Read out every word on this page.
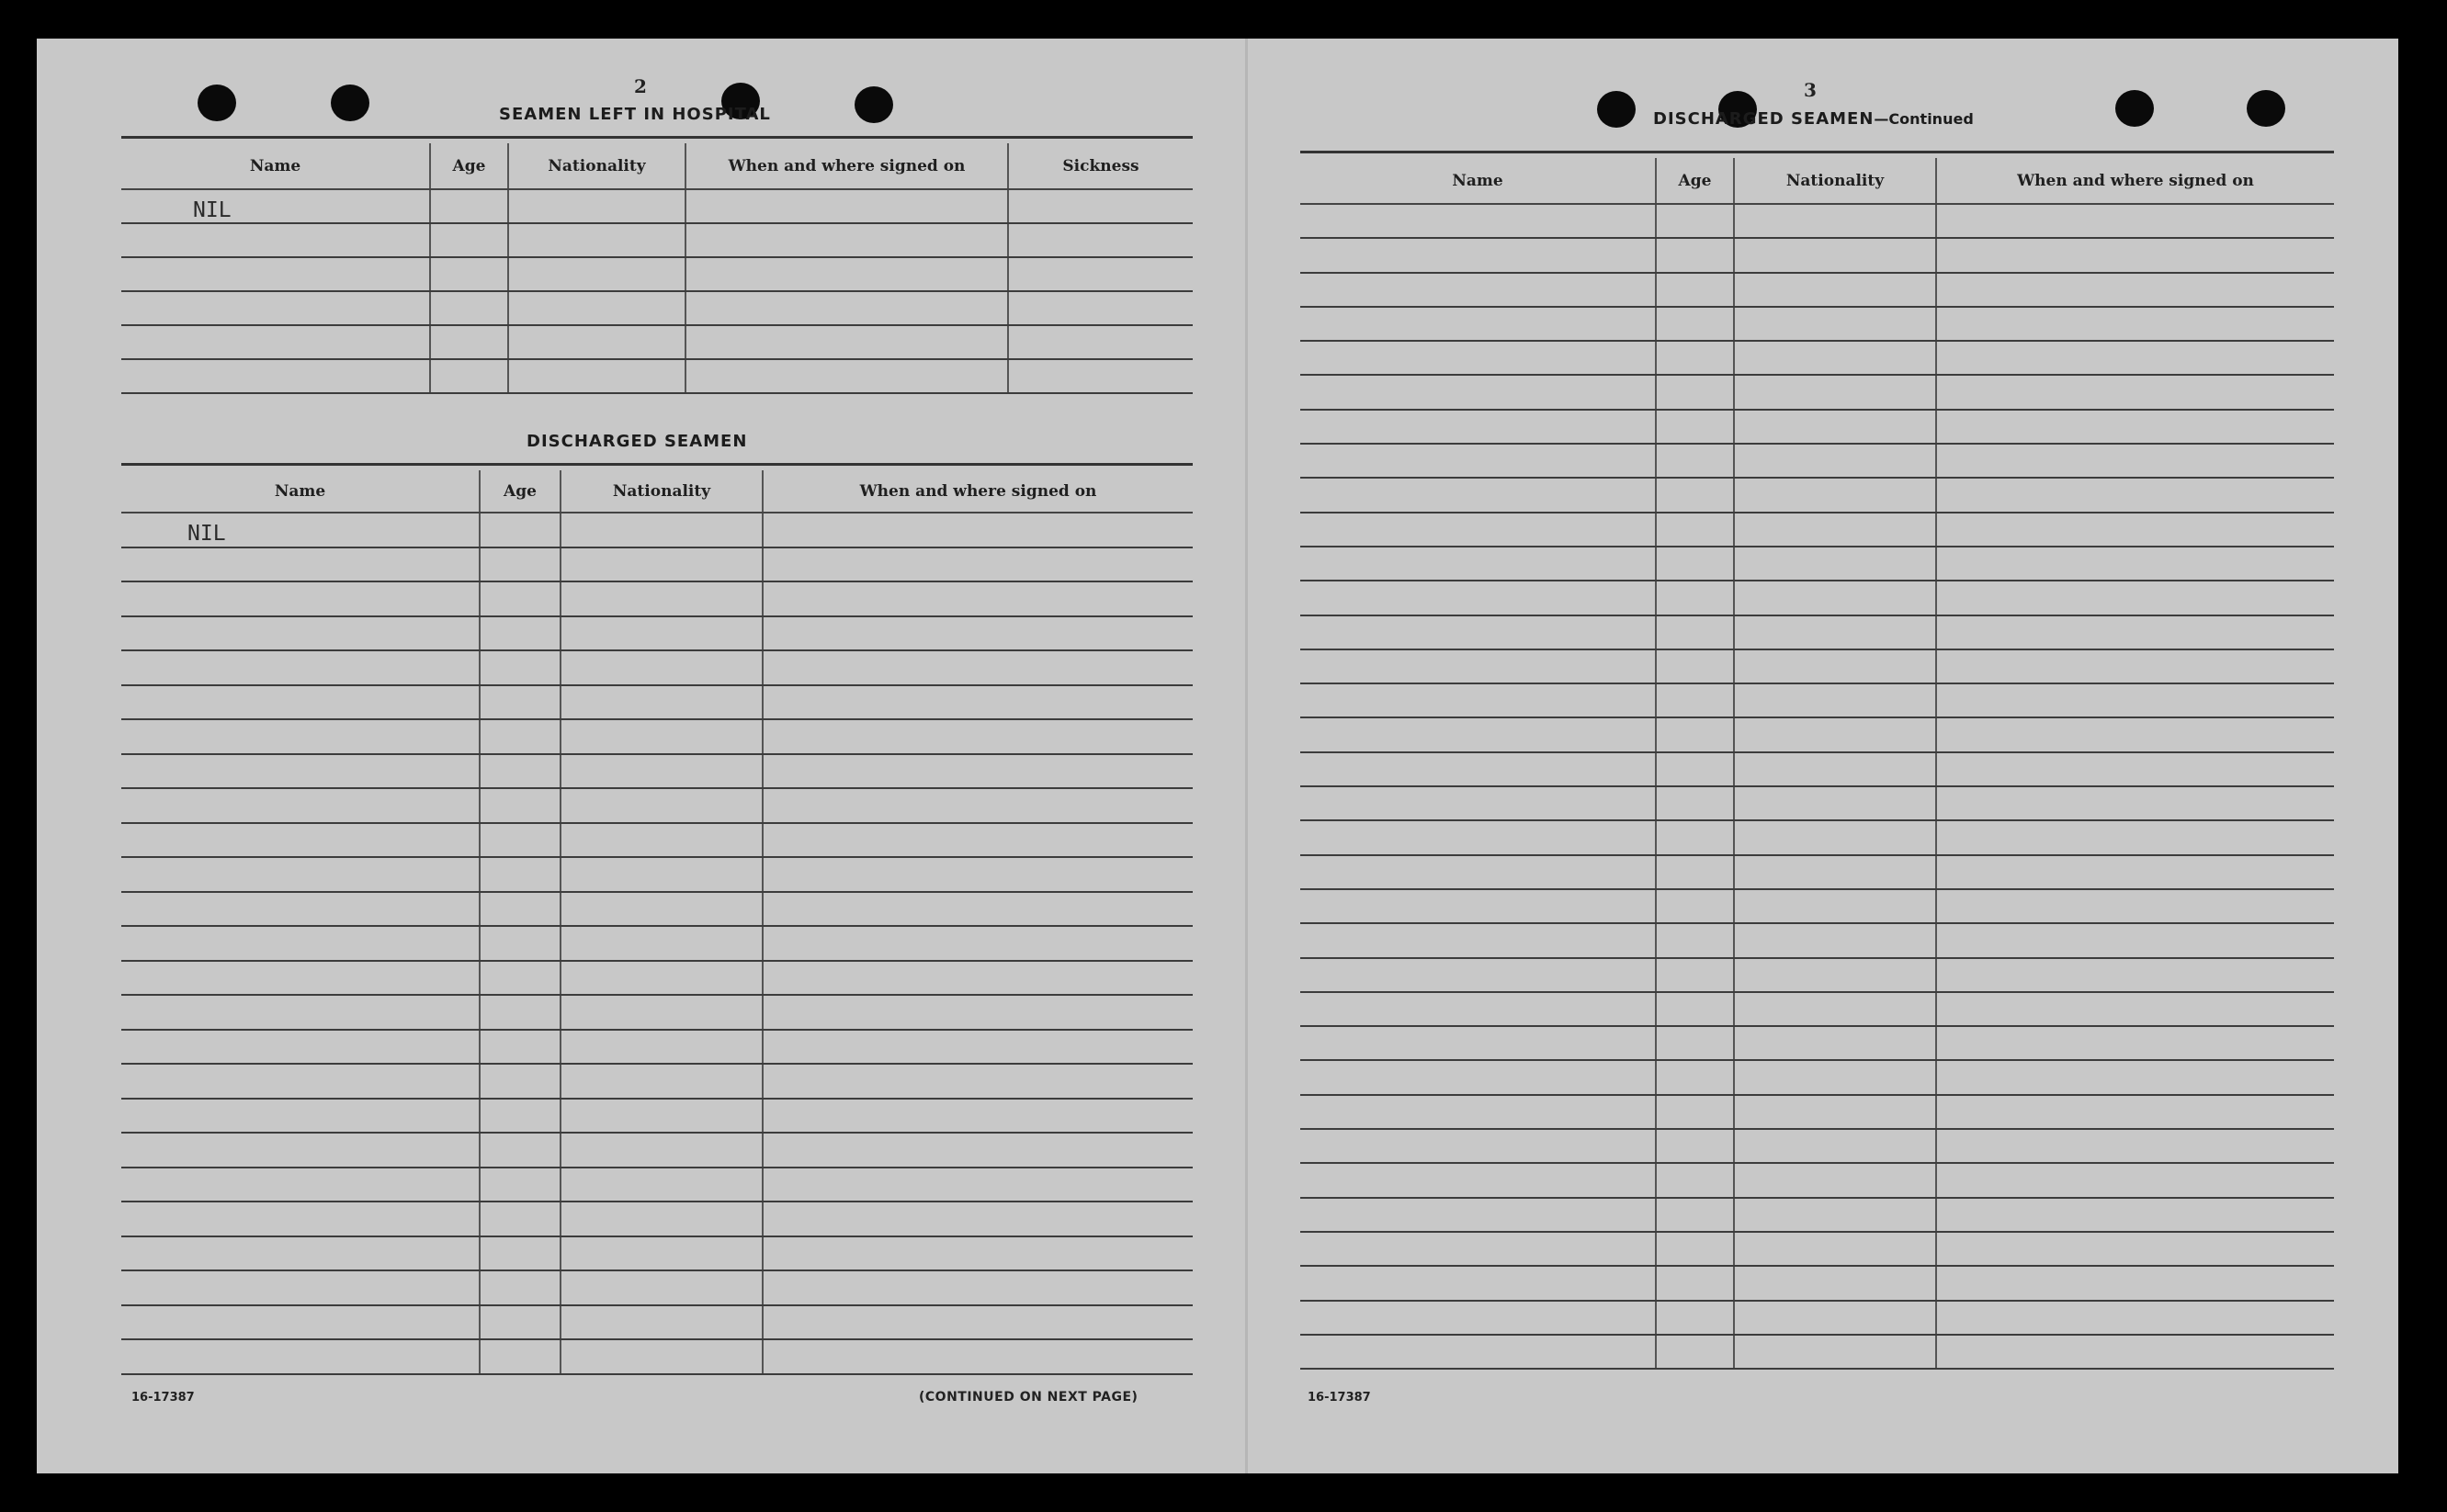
2
SEAMEN LEFT IN HOSPITAL
Name	Age	Nationality	When and where signed on	Sickness

NIL				

DISCHARGED SEAMEN
Name	Age	Nationality	When and where signed on

NIL			

16-17387	(CONTINUED ON NEXT PAGE)
3
DISCHARGED SEAMEN—Continued
Name	Age	Nationality	When and where signed on

16-17387
